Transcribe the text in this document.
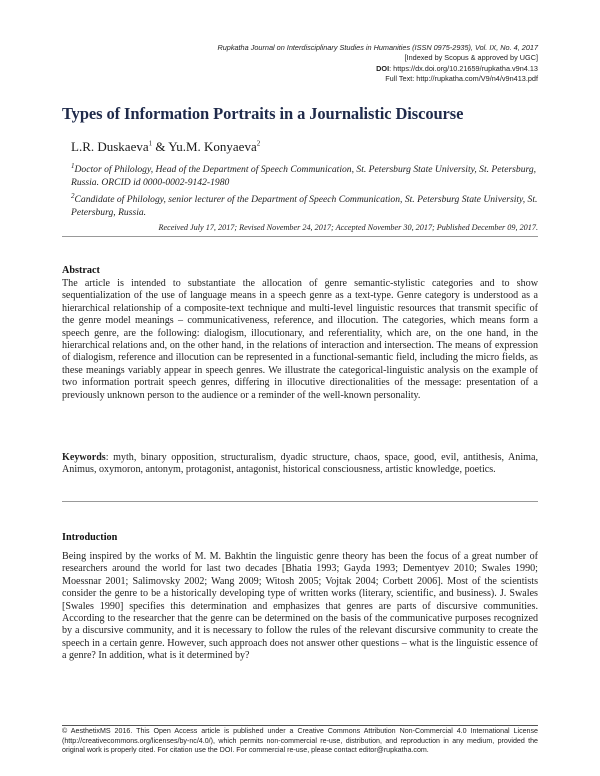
Rupkatha Journal on Interdisciplinary Studies in Humanities (ISSN 0975-2935), Vol. IX, No. 4, 2017
[Indexed by Scopus & approved by UGC]
DOI: https://dx.doi.org/10.21659/rupkatha.v9n4.13
Full Text: http://rupkatha.com/V9/n4/v9n413.pdf
Types of Information Portraits in a Journalistic Discourse
L.R. Duskaeva$^1$ & Yu.M. Konyaeva$^2$
$^1$Doctor of Philology, Head of the Department of Speech Communication, St. Petersburg State University, St. Petersburg, Russia. ORCID id 0000-0002-9142-1980
$^2$Candidate of Philology, senior lecturer of the Department of Speech Communication, St. Petersburg State University, St. Petersburg, Russia.
Received July 17, 2017; Revised November 24, 2017; Accepted November 30, 2017; Published December 09, 2017.
Abstract
The article is intended to substantiate the allocation of genre semantic-stylistic categories and to show sequentialization of the use of language means in a speech genre as a text-type. Genre category is understood as a hierarchical relationship of a composite-text technique and multi-level linguistic resources that transmit specific of the genre model meanings – communicativeness, reference, and illocution. The categories, which means form a speech genre, are the following: dialogism, illocutionary, and referentiality, which are, on the one hand, in the hierarchical relations and, on the other hand, in the relations of interaction and intersection. The means of expression of dialogism, reference and illocution can be represented in a functional-semantic field, including the micro fields, as these meanings variably appear in speech genres. We illustrate the categorical-linguistic analysis on the example of two information portrait speech genres, differing in illocutive directionalities of the message: presentation of a previously unknown person to the audience or a reminder of the well-known personality.
Keywords: myth, binary opposition, structuralism, dyadic structure, chaos, space, good, evil, antithesis, Anima, Animus, oxymoron, antonym, protagonist, antagonist, historical consciousness, artistic knowledge, poetics.
Introduction
Being inspired by the works of M. M. Bakhtin the linguistic genre theory has been the focus of a great number of researchers around the world for last two decades [Bhatia 1993; Gayda 1993; Dementyev 2010; Swales 1990; Moessnar 2001; Salimovsky 2002; Wang 2009; Witosh 2005; Vojtak 2004; Corbett 2006]. Most of the scientists consider the genre to be a historically developing type of written works (literary, scientific, and business). J. Swales [Swales 1990] specifies this determination and emphasizes that genres are parts of discursive communities. According to the researcher that the genre can be determined on the basis of the communicative purposes recognized by a discursive community, and it is necessary to follow the rules of the relevant discursive community to create the speech in a certain genre. However, such approach does not answer other questions – what is the linguistic essence of a genre? In addition, what is it determined by?
© AesthetixMS 2016. This Open Access article is published under a Creative Commons Attribution Non-Commercial 4.0 International License (http://creativecommons.org/licenses/by-nc/4.0/), which permits non-commercial re-use, distribution, and reproduction in any medium, provided the original work is properly cited. For citation use the DOI. For commercial re-use, please contact editor@rupkatha.com.
